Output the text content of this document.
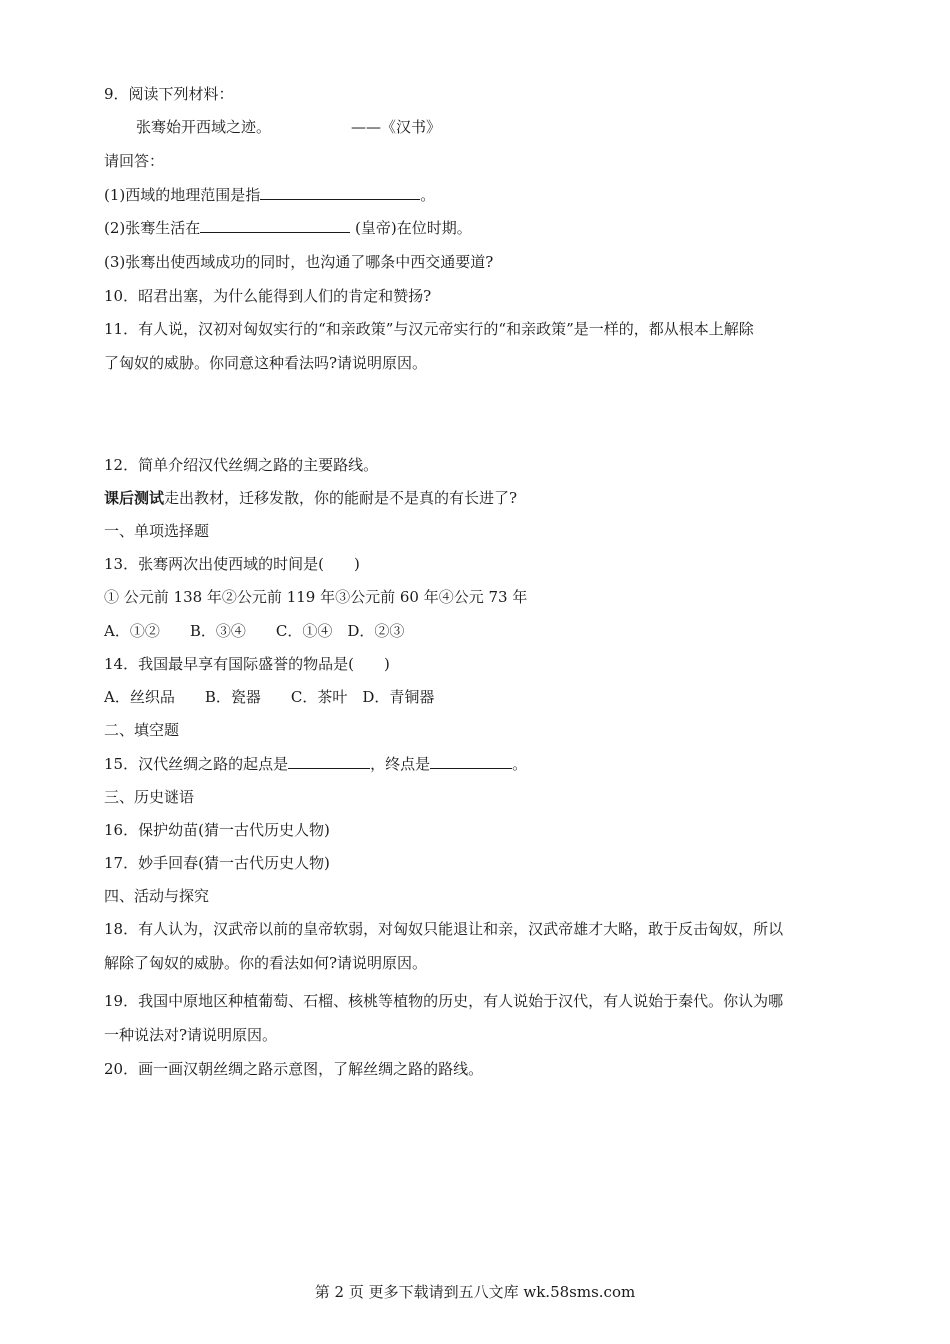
9．阅读下列材料：
张骞始开西域之迹。	——《汉书》
请回答：
(1)西域的地理范围是指	。
(2)张骞生活在	(皇帝)在位时期。
(3)张骞出使西域成功的同时，也沟通了哪条中西交通要道?
10．昭君出塞，为什么能得到人们的肯定和赞扬?
11．有人说，汉初对匈奴实行的“和亲政策”与汉元帝实行的“和亲政策”是一样的，都从根本上解除
了匈奴的威胁。你同意这种看法吗?请说明原因。
12．简单介绍汉代丝绸之路的主要路线。
课后测试走出教材，迁移发散，你的能耐是不是真的有长进了?
一、单项选择题
13．张骞两次出使西域的时间是(　　)
① 公元前 138 年②公元前 119 年③公元前 60 年④公元 73 年
A．①②　　B．③④　　C．①④　D．②③
14．我国最早享有国际盛誉的物品是(　　)
A．丝织品　　B．瓷器　　C．茶叶　D．青铜器
二、填空题
15．汉代丝绸之路的起点是	，终点是	。
三、历史谜语
16．保护幼苗(猜一古代历史人物)
17．妙手回春(猜一古代历史人物)
四、活动与探究
18．有人认为，汉武帝以前的皇帝软弱，对匈奴只能退让和亲，汉武帝雄才大略，敢于反击匈奴，所以
解除了匈奴的威胁。你的看法如何?请说明原因。
19．我国中原地区种植葡萄、石榴、核桃等植物的历史，有人说始于汉代，有人说始于秦代。你认为哪
一种说法对?请说明原因。
20．画一画汉朝丝绸之路示意图，了解丝绸之路的路线。
第 2 页 更多下载请到五八文库 wk.58sms.com
